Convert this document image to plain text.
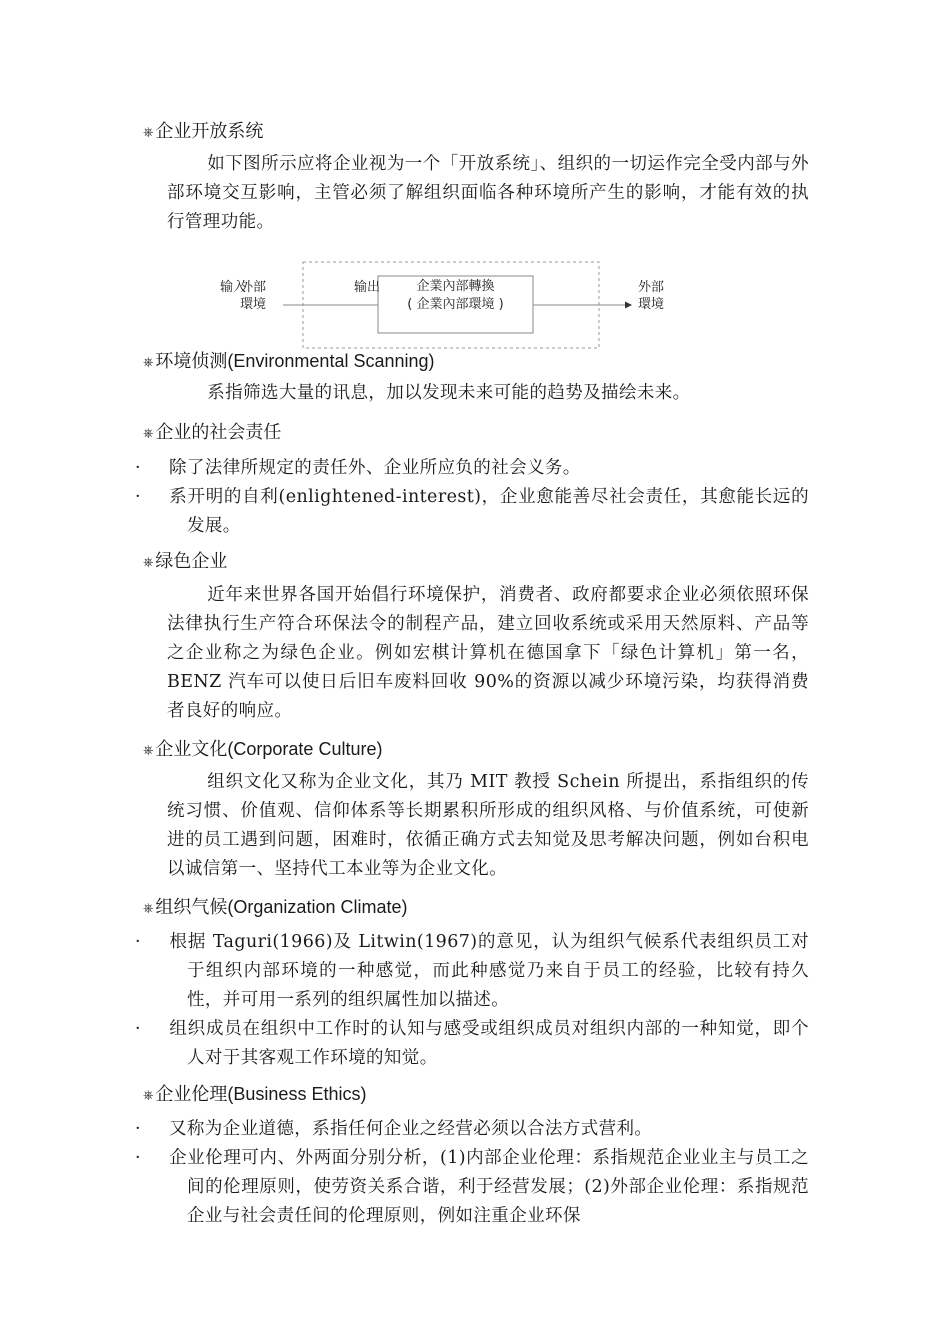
⎈ 企业开放系统
如下图所示应将企业视为一个「开放系统」、组织的一切运作完全受内部与外部环境交互影响，主管必须了解组织面临各种环境所产生的影响，才能有效的执行管理功能。
输入
外部
環境
输出	企業內部轉換
( 企業內部環境 )
外部
環境
⎈ 环境侦测(Environmental Scanning)
系指筛选大量的讯息，加以发现未来可能的趋势及描绘未来。
⎈ 企业的社会责任
· 除了法律所规定的责任外、企业所应负的社会义务。
· 系开明的自利(enlightened-interest)，企业愈能善尽社会责任，其愈能长远的发展。
⎈ 绿色企业
近年来世界各国开始倡行环境保护，消费者、政府都要求企业必须依照环保法律执行生产符合环保法令的制程产品，建立回收系统或采用天然原料、产品等之企业称之为绿色企业。例如宏棋计算机在德国拿下「绿色计算机」第一名，BENZ 汽车可以使日后旧车废料回收 90%的资源以减少环境污染，均获得消费者良好的响应。
⎈ 企业文化(Corporate Culture)
组织文化又称为企业文化，其乃 MIT 教授 Schein 所提出，系指组织的传统习惯、价值观、信仰体系等长期累积所形成的组织风格、与价值系统，可使新进的员工遇到问题，困难时，依循正确方式去知觉及思考解决问题，例如台积电以诚信第一、坚持代工本业等为企业文化。
⎈ 组织气候(Organization Climate)
· 根据 Taguri(1966)及 Litwin(1967)的意见，认为组织气候系代表组织员工对于组织内部环境的一种感觉，而此种感觉乃来自于员工的经验，比较有持久性，并可用一系列的组织属性加以描述。
· 组织成员在组织中工作时的认知与感受或组织成员对组织内部的一种知觉，即个人对于其客观工作环境的知觉。
⎈ 企业伦理(Business Ethics)
· 又称为企业道德，系指任何企业之经营必须以合法方式营利。
· 企业伦理可内、外两面分别分析，(1)内部企业伦理：系指规范企业业主与员工之间的伦理原则，使劳资关系合谐，利于经营发展；(2)外部企业伦理：系指规范企业与社会责任间的伦理原则，例如注重企业环保
